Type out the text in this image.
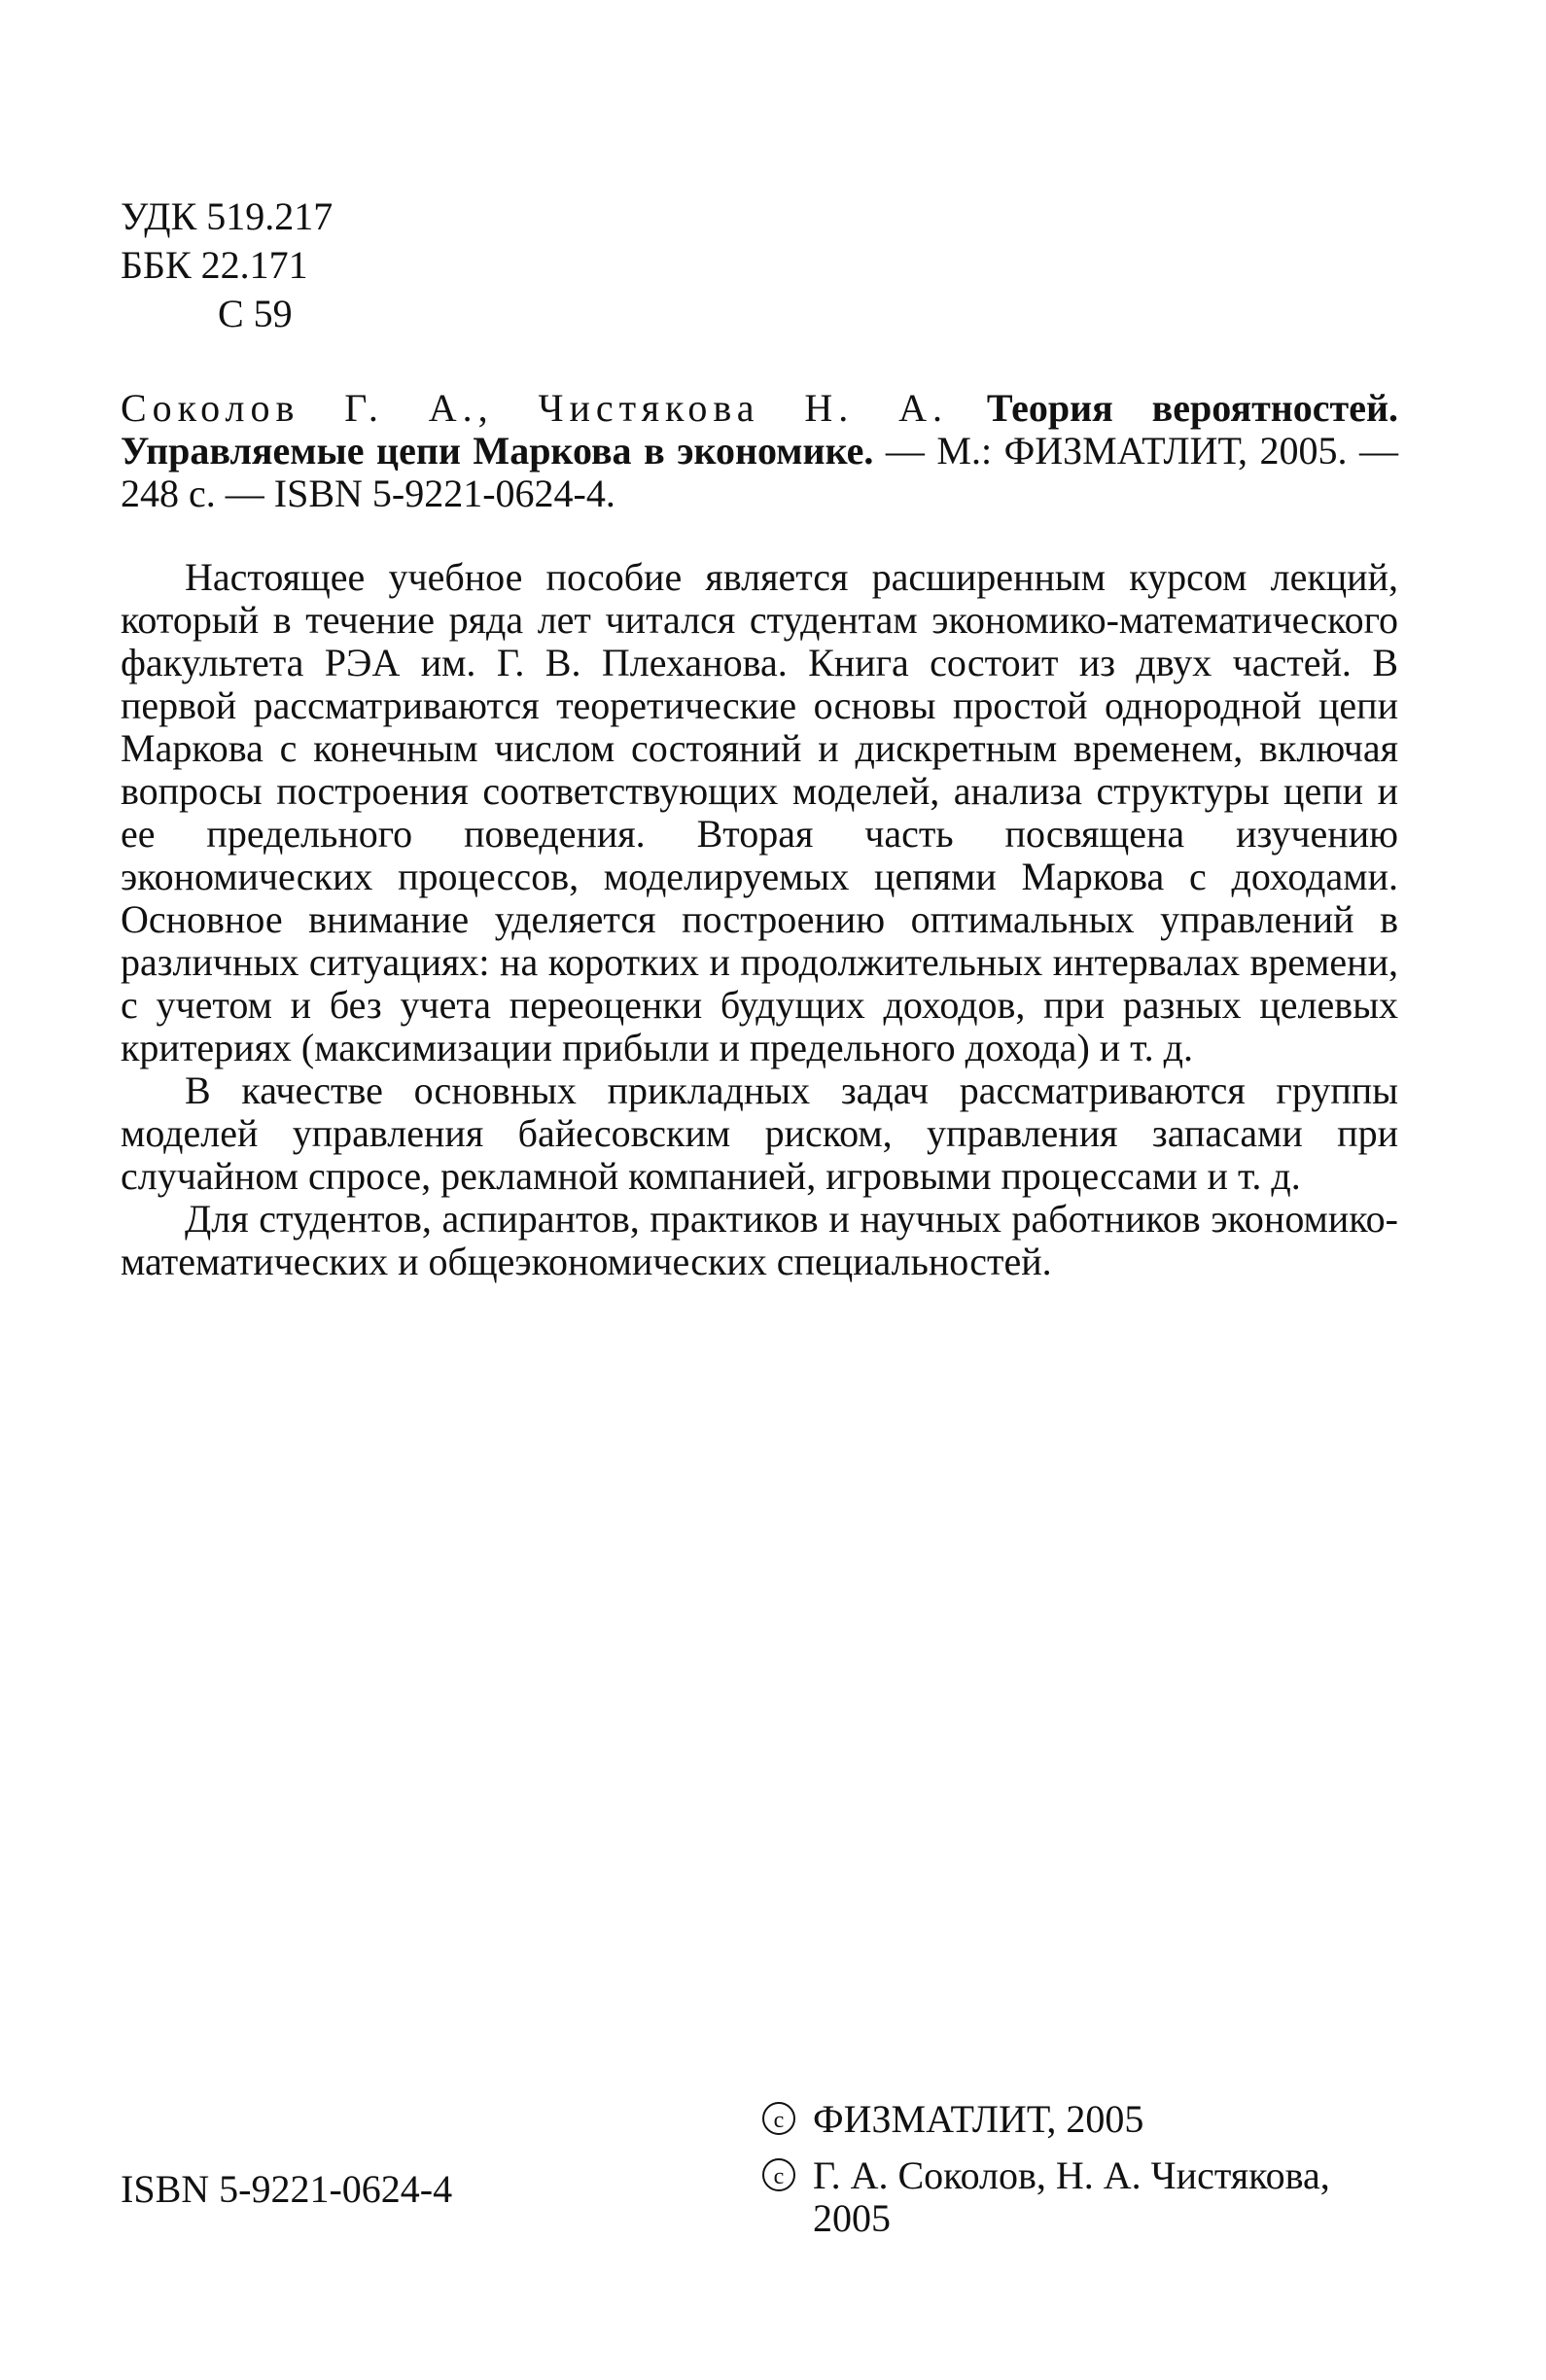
УДК 519.217
ББК 22.171
С 59
Соколов Г. А., Чистякова Н. А. Теория вероятностей. Управляемые цепи Маркова в экономике. — М.: ФИЗМАТЛИТ, 2005. — 248 с. — ISBN 5-9221-0624-4.

Настоящее учебное пособие является расширенным курсом лекций, который в течение ряда лет читался студентам экономико-математического факультета РЭА им. Г. В. Плеханова. Книга состоит из двух частей. В первой рассматриваются теоретические основы простой однородной цепи Маркова с конечным числом состояний и дискретным временем, включая вопросы построения соответствующих моделей, анализа структуры цепи и ее предельного поведения. Вторая часть посвящена изучению экономических процессов, моделируемых цепями Маркова с доходами. Основное внимание уделяется построению оптимальных управлений в различных ситуациях: на коротких и продолжительных интервалах времени, с учетом и без учета переоценки будущих доходов, при разных целевых критериях (максимизации прибыли и предельного дохода) и т. д.

В качестве основных прикладных задач рассматриваются группы моделей управления байесовским риском, управления запасами при случайном спросе, рекламной компанией, игровыми процессами и т. д.

Для студентов, аспирантов, практиков и научных работников экономико-математических и общеэкономических специальностей.

ISBN 5-9221-0624-4
c ФИЗМАТЛИТ, 2005
c Г. А. Соколов, Н. А. Чистякова, 2005
